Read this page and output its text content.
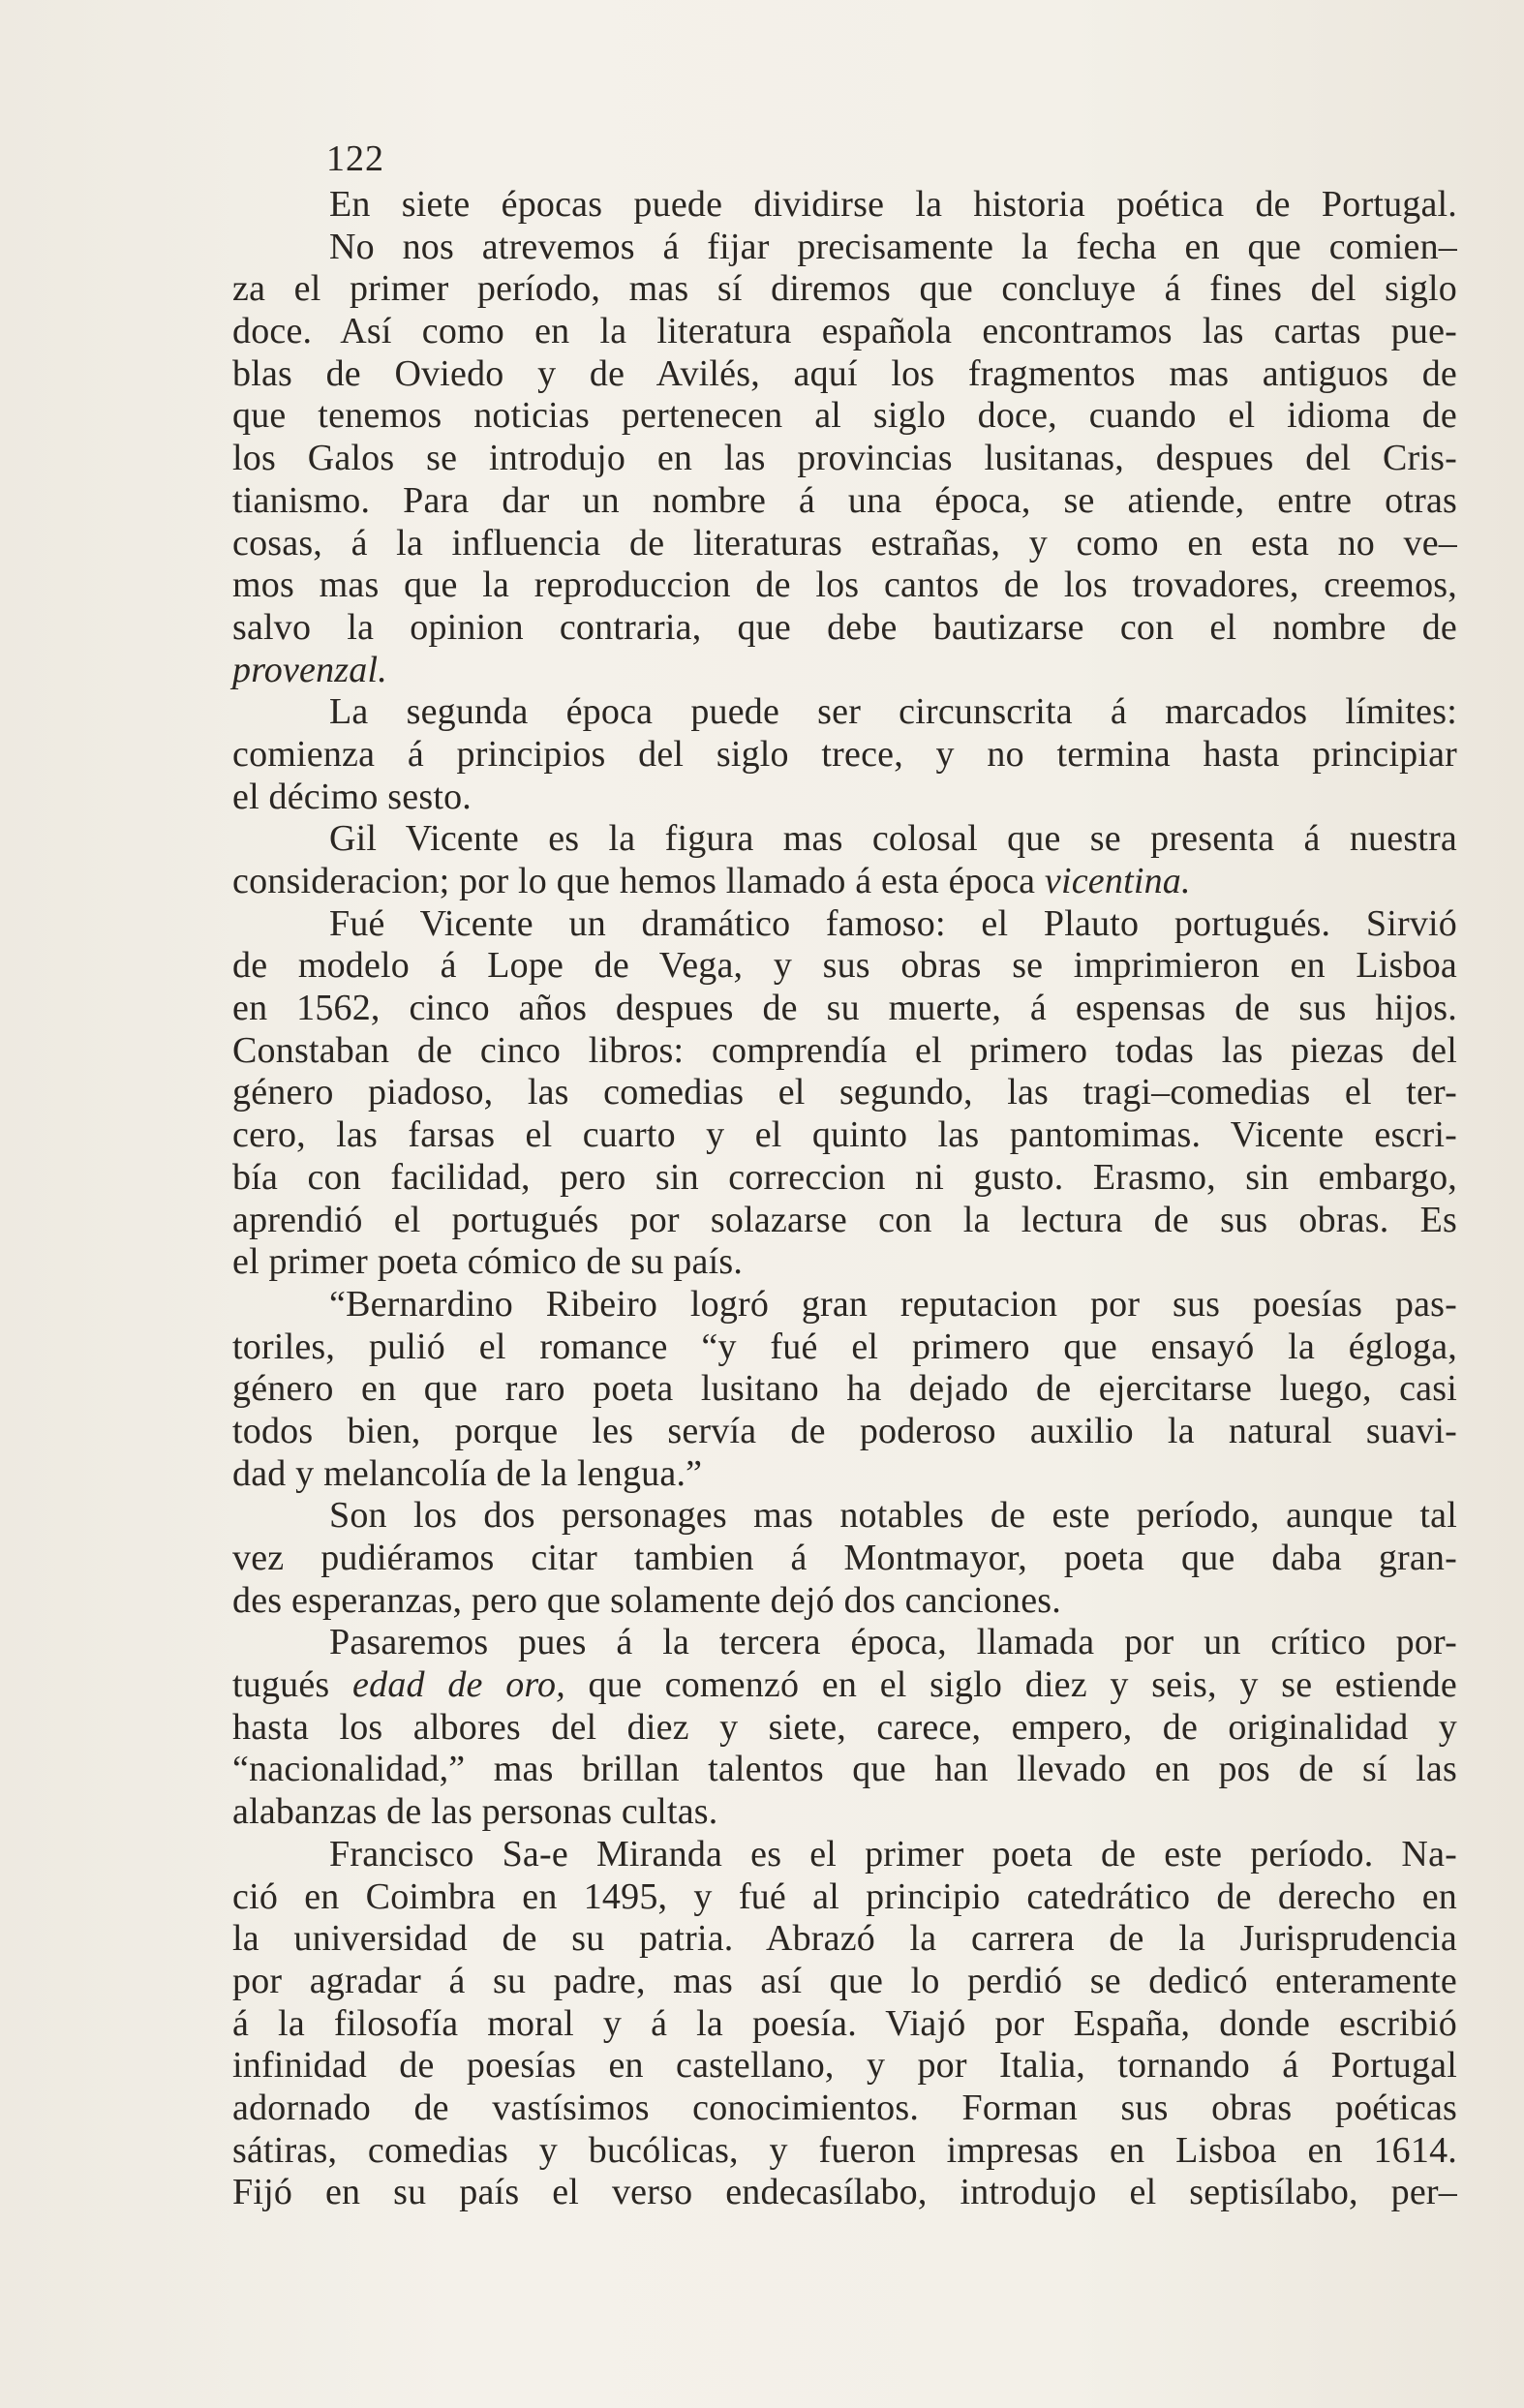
122
En siete épocas puede dividirse la historia poética de Portugal.
No nos atrevemos á fijar precisamente la fecha en que comien–
za el primer período, mas sí diremos que concluye á fines del siglo
doce. Así como en la literatura española encontramos las cartas pue-
blas de Oviedo y de Avilés, aquí los fragmentos mas antiguos de
que tenemos noticias pertenecen al siglo doce, cuando el idioma de
los Galos se introdujo en las provincias lusitanas, despues del Cris-
tianismo. Para dar un nombre á una época, se atiende, entre otras
cosas, á la influencia de literaturas estrañas, y como en esta no ve–
mos mas que la reproduccion de los cantos de los trovadores, creemos,
salvo la opinion contraria, que debe bautizarse con el nombre de
provenzal.
La segunda época puede ser circunscrita á marcados límites:
comienza á principios del siglo trece, y no termina hasta principiar
el décimo sesto.
Gil Vicente es la figura mas colosal que se presenta á nuestra
consideracion; por lo que hemos llamado á esta época vicentina.
Fué Vicente un dramático famoso: el Plauto portugués. Sirvió
de modelo á Lope de Vega, y sus obras se imprimieron en Lisboa
en 1562, cinco años despues de su muerte, á espensas de sus hijos.
Constaban de cinco libros: comprendía el primero todas las piezas del
género piadoso, las comedias el segundo, las tragi–comedias el ter-
cero, las farsas el cuarto y el quinto las pantomimas. Vicente escri-
bía con facilidad, pero sin correccion ni gusto. Erasmo, sin embargo,
aprendió el portugués por solazarse con la lectura de sus obras. Es
el primer poeta cómico de su país.
“Bernardino Ribeiro logró gran reputacion por sus poesías pas-
toriles, pulió el romance “y fué el primero que ensayó la égloga,
género en que raro poeta lusitano ha dejado de ejercitarse luego, casi
todos bien, porque les servía de poderoso auxilio la natural suavi-
dad y melancolía de la lengua.”
Son los dos personages mas notables de este período, aunque tal
vez pudiéramos citar tambien á Montmayor, poeta que daba gran-
des esperanzas, pero que solamente dejó dos canciones.
Pasaremos pues á la tercera época, llamada por un crítico por-
tugués edad de oro, que comenzó en el siglo diez y seis, y se estiende
hasta los albores del diez y siete, carece, empero, de originalidad y
“nacionalidad,” mas brillan talentos que han llevado en pos de sí las
alabanzas de las personas cultas.
Francisco Sa-e Miranda es el primer poeta de este período. Na-
ció en Coimbra en 1495, y fué al principio catedrático de derecho en
la universidad de su patria. Abrazó la carrera de la Jurisprudencia
por agradar á su padre, mas así que lo perdió se dedicó enteramente
á la filosofía moral y á la poesía. Viajó por España, donde escribió
infinidad de poesías en castellano, y por Italia, tornando á Portugal
adornado de vastísimos conocimientos. Forman sus obras poéticas
sátiras, comedias y bucólicas, y fueron impresas en Lisboa en 1614.
Fijó en su país el verso endecasílabo, introdujo el septisílabo, per–
